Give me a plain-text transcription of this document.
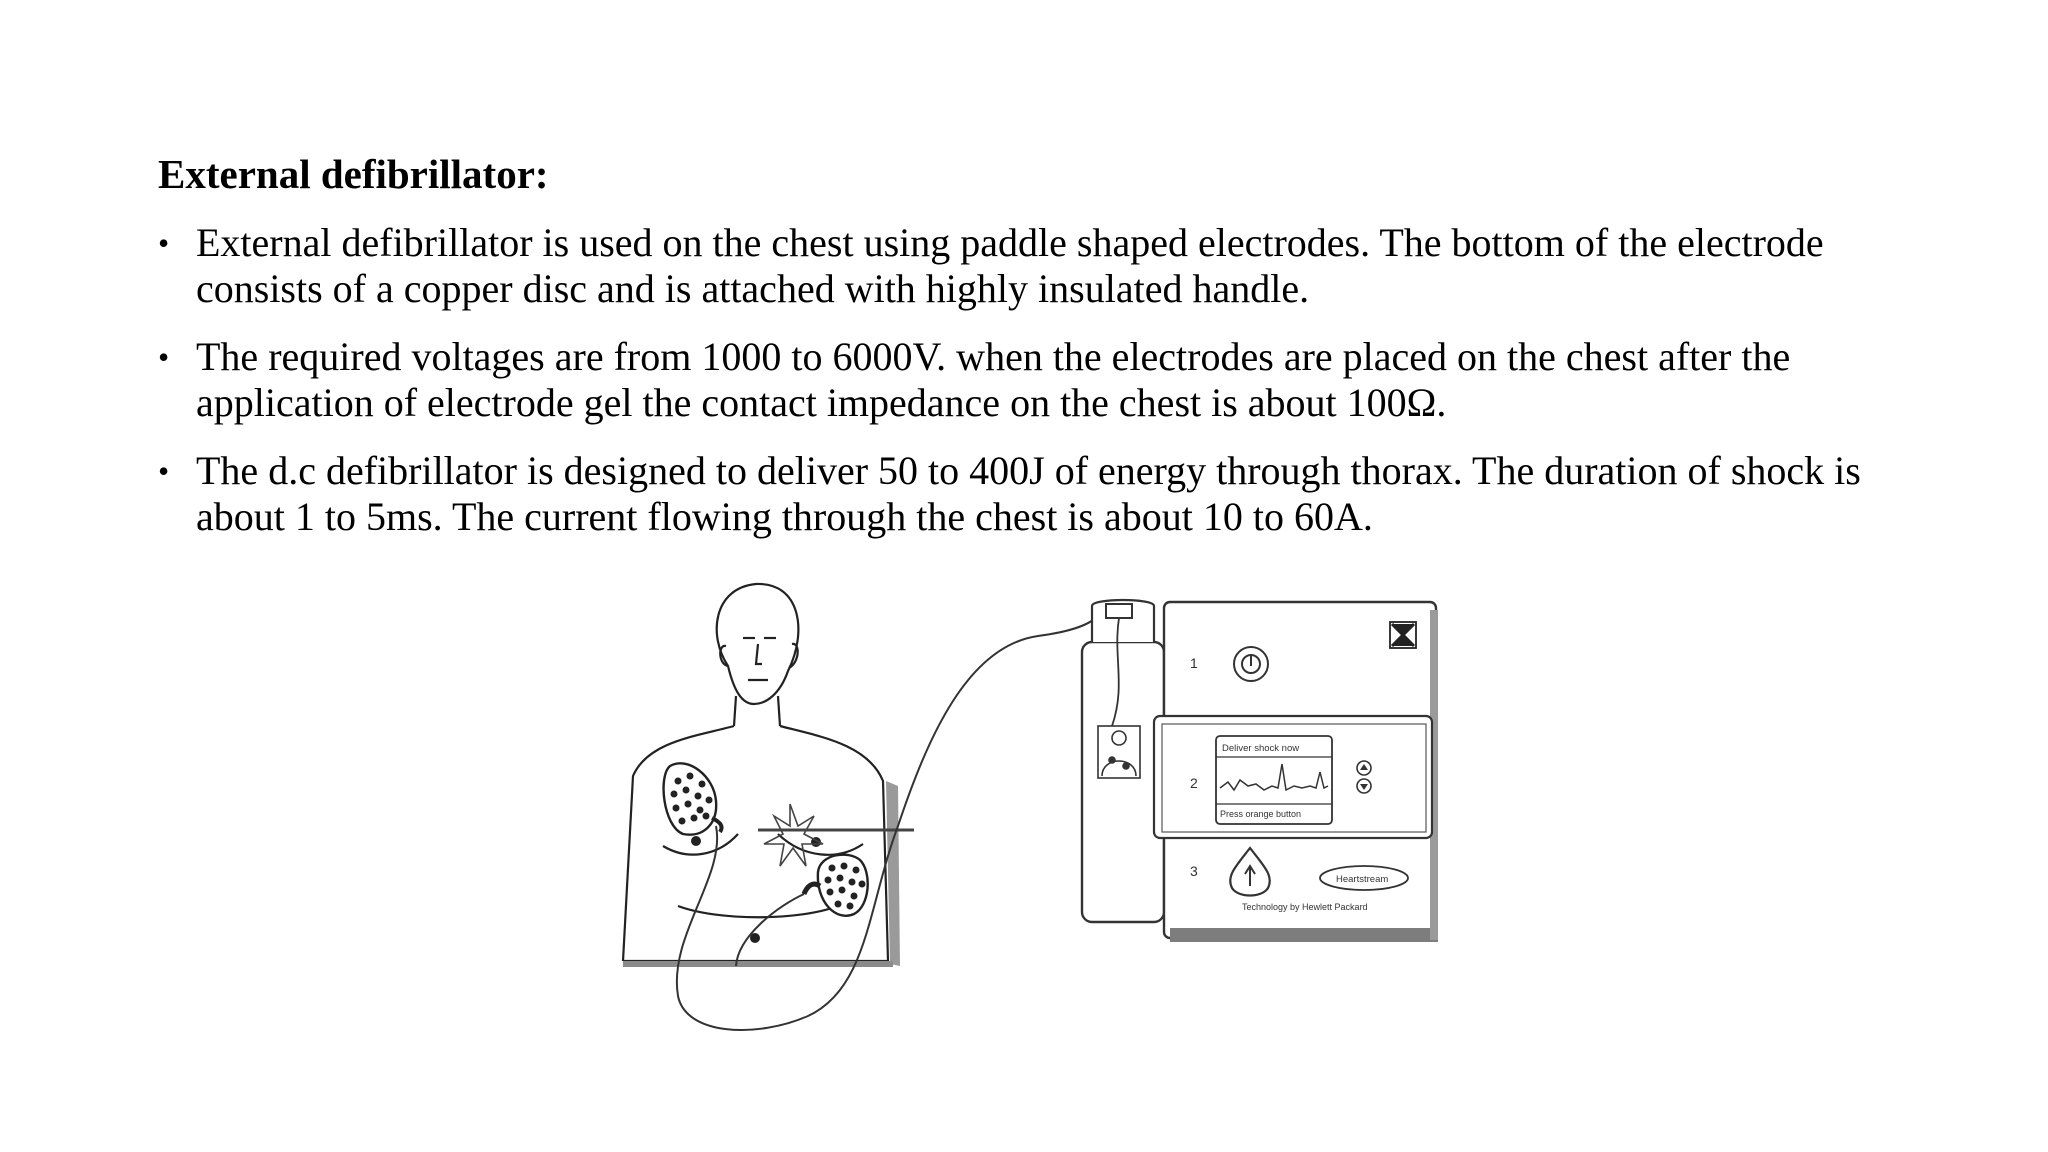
External defibrillator:
• External defibrillator is used on the chest using paddle shaped electrodes. The bottom of the electrode consists of a copper disc and is attached with highly insulated handle.
• The required voltages are from 1000 to 6000V. when the electrodes are placed on the chest after the application of electrode gel the contact impedance on the chest is about 100Ω.
• The d.c defibrillator is designed to deliver 50 to 400J of energy through thorax. The duration of shock is about 1 to 5ms. The current flowing through the chest is about 10 to 60A.
1
2
Deliver shock now
Press orange button
3
Heartstream
Technology by Hewlett Packard
